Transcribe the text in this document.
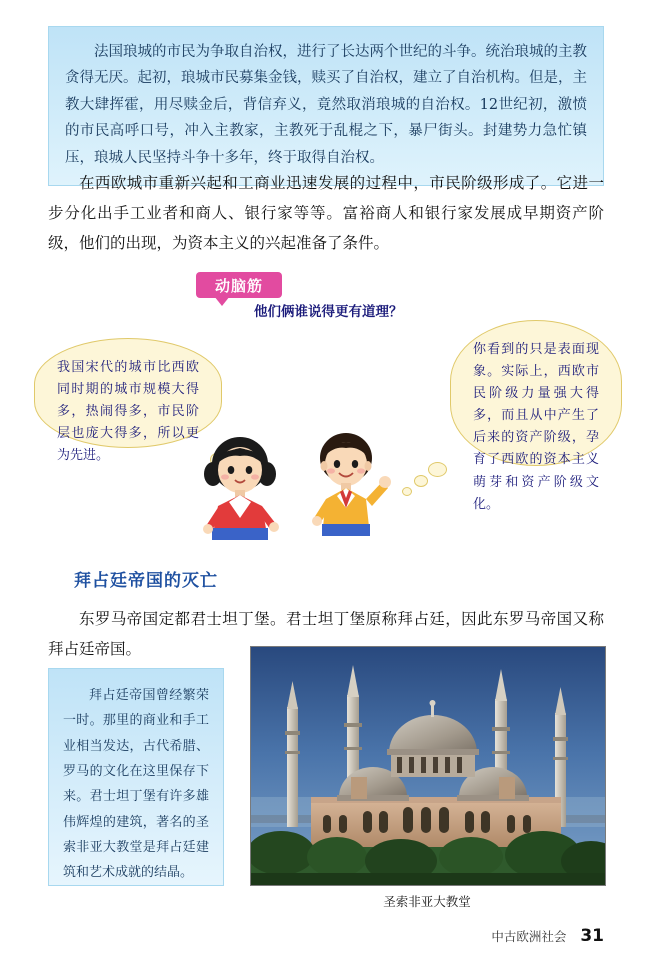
法国琅城的市民为争取自治权，进行了长达两个世纪的斗争。统治琅城的主教贪得无厌。起初，琅城市民募集金钱，赎买了自治权，建立了自治机构。但是，主教大肆挥霍，用尽赎金后，背信弃义，竟然取消琅城的自治权。12世纪初，激愤的市民高呼口号，冲入主教家，主教死于乱棍之下，暴尸街头。封建势力急忙镇压，琅城人民坚持斗争十多年，终于取得自治权。

在西欧城市重新兴起和工商业迅速发展的过程中，市民阶级形成了。它进一步分化出手工业者和商人、银行家等等。富裕商人和银行家发展成早期资产阶级，他们的出现，为资本主义的兴起准备了条件。
动脑筋
他们俩谁说得更有道理？
我国宋代的城市比西欧同时期的城市规模大得多，热闹得多，市民阶层也庞大得多，所以更为先进。
你看到的只是表面现象。实际上，西欧市民阶级力量强大得多，而且从中产生了后来的资产阶级，孕育了西欧的资本主义萌芽和资产阶级文化。
拜占廷帝国的灭亡
东罗马帝国定都君士坦丁堡。君士坦丁堡原称拜占廷，因此东罗马帝国又称拜占廷帝国。

拜占廷帝国曾经繁荣一时。那里的商业和手工业相当发达，古代希腊、罗马的文化在这里保存下来。君士坦丁堡有许多雄伟辉煌的建筑，著名的圣索非亚大教堂是拜占廷建筑和艺术成就的结晶。

圣索非亚大教堂
中古欧洲社会 31
